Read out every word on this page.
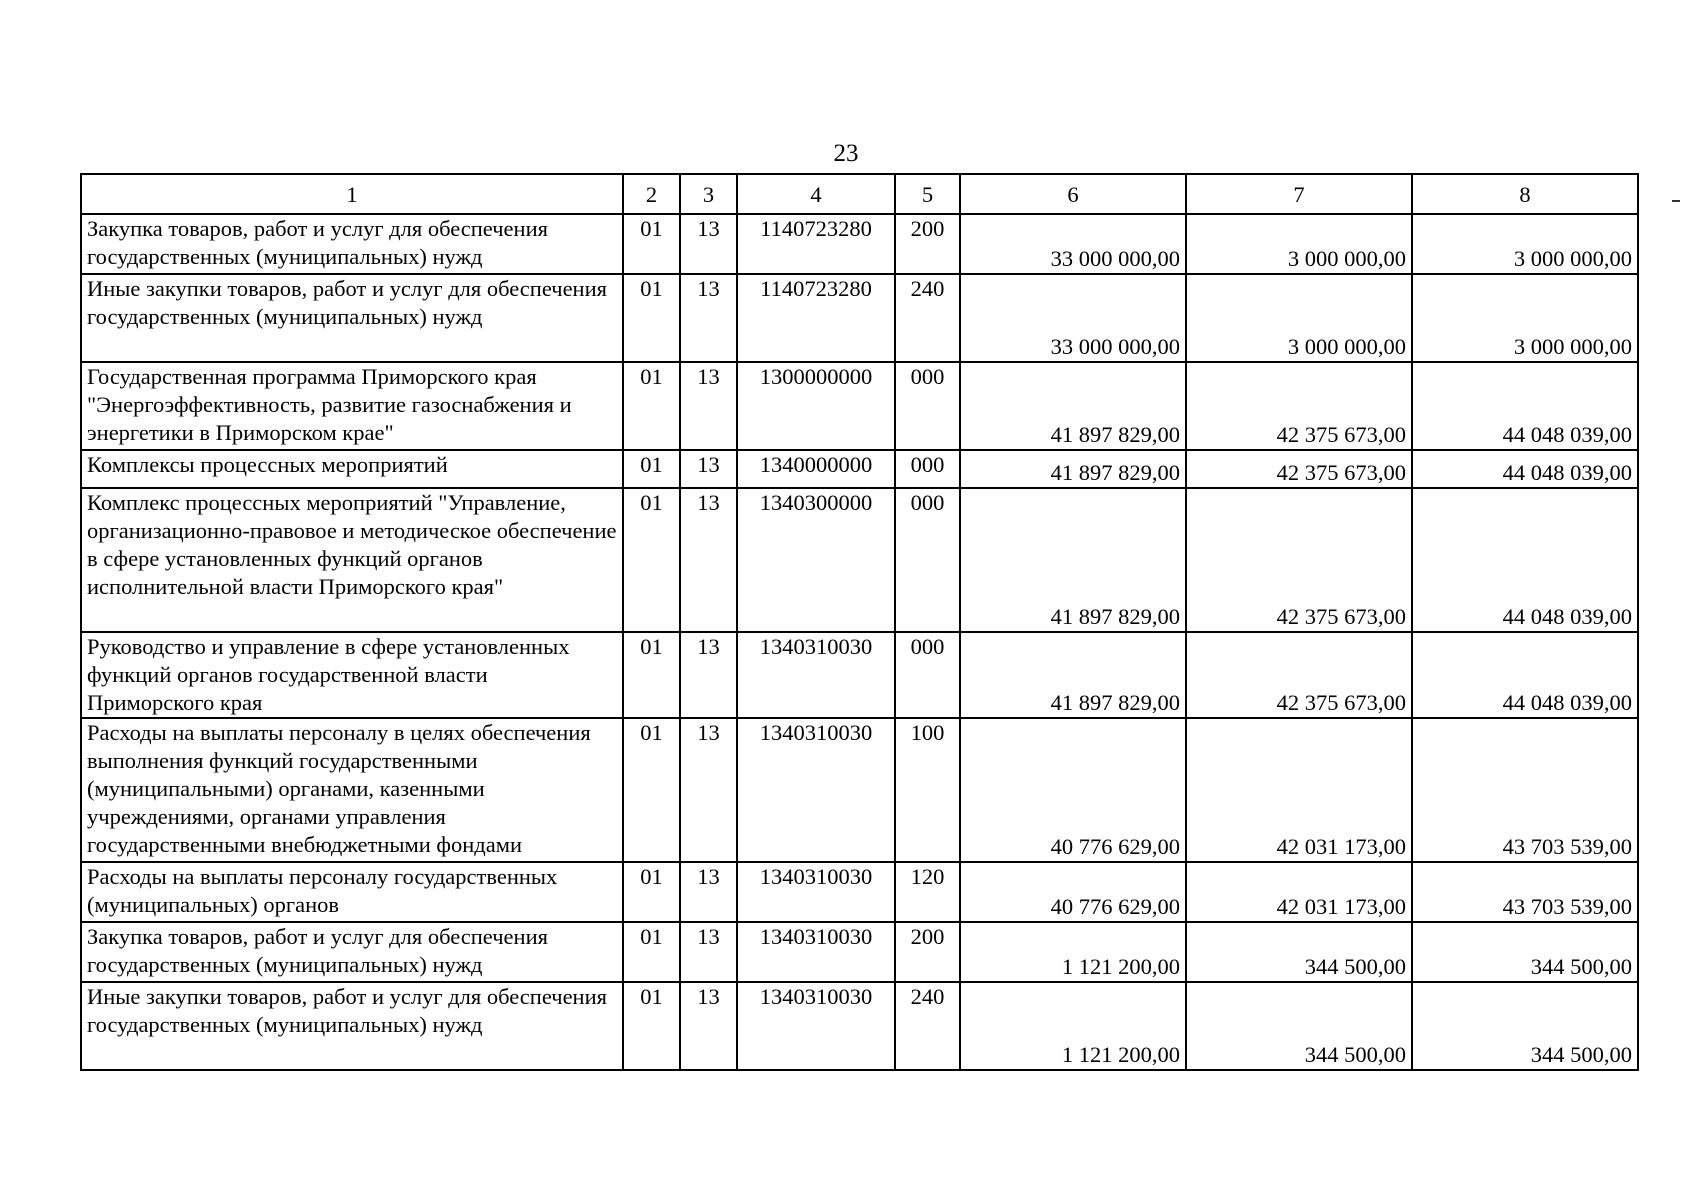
23
1	2	3	4	5	6	7	8
Закупка товаров, работ и услуг для обеспечения государственных (муниципальных) нужд	01	13	1140723280	200	33 000 000,00	3 000 000,00	3 000 000,00
Иные закупки товаров, работ и услуг для обеспечения государственных (муниципальных) нужд	01	13	1140723280	240	33 000 000,00	3 000 000,00	3 000 000,00
Государственная программа Приморского края "Энергоэффективность, развитие газоснабжения и энергетики в Приморском крае"	01	13	1300000000	000	41 897 829,00	42 375 673,00	44 048 039,00
Комплексы процессных мероприятий	01	13	1340000000	000	41 897 829,00	42 375 673,00	44 048 039,00
Комплекс процессных мероприятий "Управление, организационно-правовое и методическое обеспечение в сфере установленных функций органов исполнительной власти Приморского края"	01	13	1340300000	000	41 897 829,00	42 375 673,00	44 048 039,00
Руководство и управление в сфере установленных функций органов государственной власти Приморского края	01	13	1340310030	000	41 897 829,00	42 375 673,00	44 048 039,00
Расходы на выплаты персоналу в целях обеспечения выполнения функций государственными (муниципальными) органами, казенными учреждениями, органами управления государственными внебюджетными фондами	01	13	1340310030	100	40 776 629,00	42 031 173,00	43 703 539,00
Расходы на выплаты персоналу государственных (муниципальных) органов	01	13	1340310030	120	40 776 629,00	42 031 173,00	43 703 539,00
Закупка товаров, работ и услуг для обеспечения государственных (муниципальных) нужд	01	13	1340310030	200	1 121 200,00	344 500,00	344 500,00
Иные закупки товаров, работ и услуг для обеспечения государственных (муниципальных) нужд	01	13	1340310030	240	1 121 200,00	344 500,00	344 500,00
